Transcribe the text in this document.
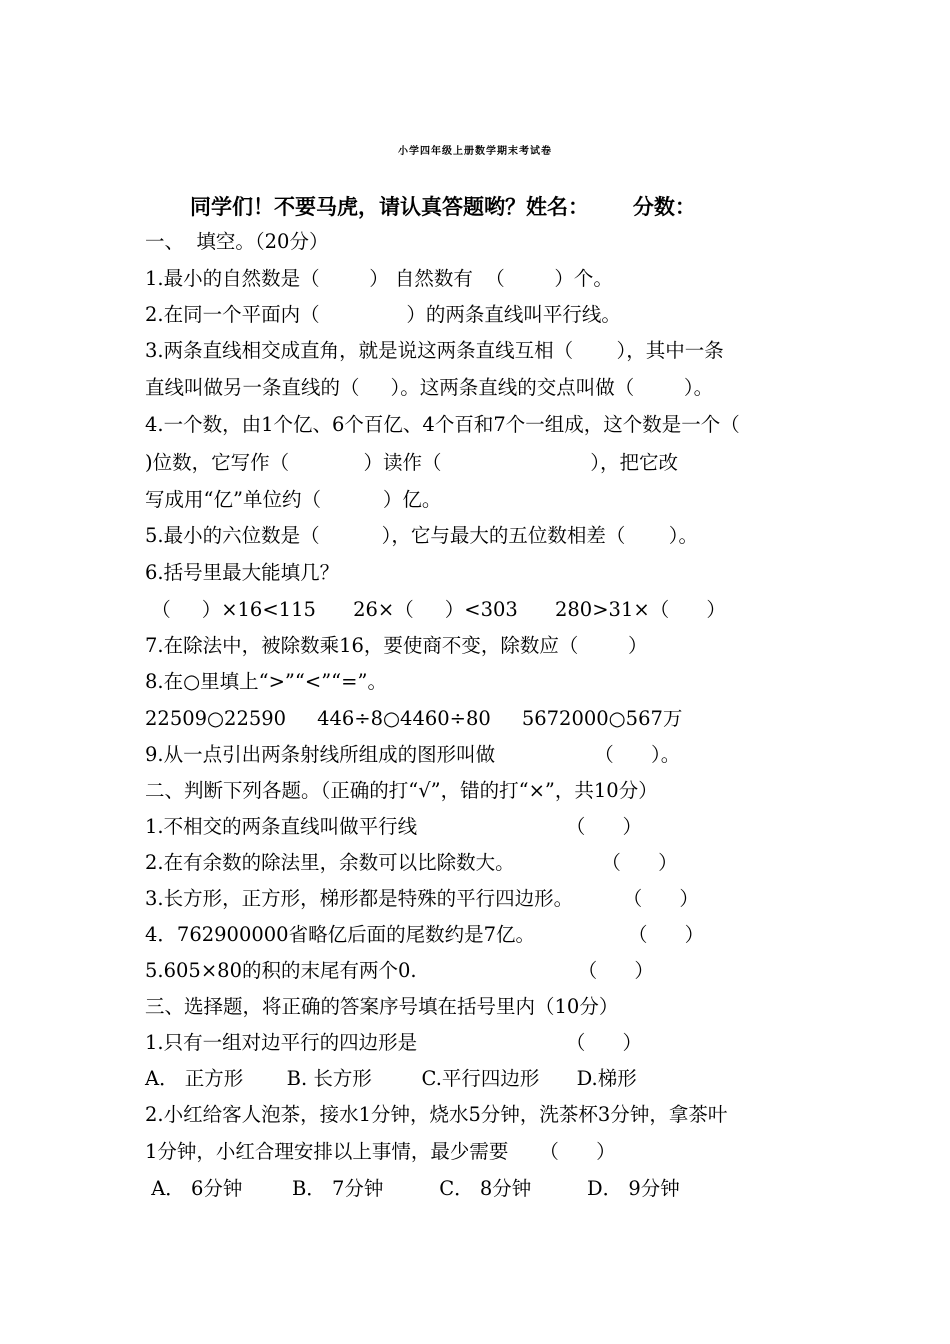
小学四年级上册数学期末考试卷
同学们！不要马虎，请认真答题哟？姓名：      分数：
一、  填空。（20分）
1.最小的自然数是（        ） 自然数有  （        ）个。
2.在同一个平面内（              ）的两条直线叫平行线。
3.两条直线相交成直角，就是说这两条直线互相（       ），其中一条
直线叫做另一条直线的（     ）。这两条直线的交点叫做（        ）。
4.一个数，由1个亿、6个百亿、4个百和7个一组成，这个数是一个（
)位数，它写作（            ）读作（                        ），把它改
写成用“亿”单位约（          ）亿。
5.最小的六位数是（          ），它与最大的五位数相差（       ）。
6.括号里最大能填几？
（     ）×16<115      26×（     ）<303      280>31×（      ）
7.在除法中，被除数乘16，要使商不变，除数应（        ）
8.在○里填上“>”“<”“=”。
22509○22590     446÷8○4460÷80     5672000○567万
9.从一点引出两条射线所组成的图形叫做                （      ）。
二、判断下列各题。（正确的打“√”，错的打“×”，共10分）
1.不相交的两条直线叫做平行线                        （      ）
2.在有余数的除法里，余数可以比除数大。              （      ）
3.长方形，正方形，梯形都是特殊的平行四边形。        （      ）
4．762900000省略亿后面的尾数约是7亿。               （      ）
5.605×80的积的末尾有两个0.                          （      ）
三、选择题，将正确的答案序号填在括号里内（10分）
1.只有一组对边平行的四边形是                        （      ）
A． 正方形       B. 长方形        C.平行四边形      D.梯形
2.小红给客人泡茶，接水1分钟，烧水5分钟，洗茶杯3分钟，拿茶叶
1分钟，小红合理安排以上事情，最少需要     （      ）
A． 6分钟        B． 7分钟         C． 8分钟         D． 9分钟
